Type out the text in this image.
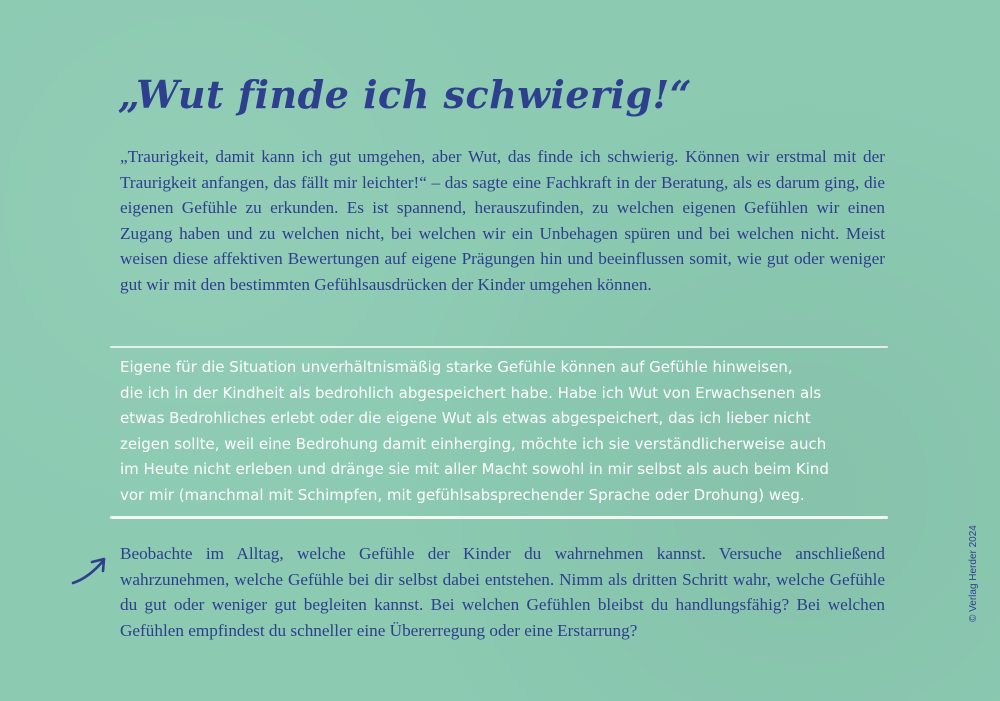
„Wut finde ich schwierig!“

„Traurigkeit, damit kann ich gut umgehen, aber Wut, das finde ich schwierig. Können wir erstmal mit der Traurigkeit anfangen, das fällt mir leichter!“ – das sagte eine Fachkraft in der Beratung, als es darum ging, die eigenen Gefühle zu erkunden. Es ist spannend, herauszufinden, zu welchen eigenen Gefühlen wir einen Zugang haben und zu welchen nicht, bei welchen wir ein Unbehagen spüren und bei welchen nicht. Meist weisen diese affektiven Bewertungen auf eigene Prägungen hin und beeinflussen somit, wie gut oder weniger gut wir mit den bestimmten Gefühlsausdrücken der Kinder umgehen können.

Eigene für die Situation unverhältnismäßig starke Gefühle können auf Gefühle hinweisen,
die ich in der Kindheit als bedrohlich abgespeichert habe. Habe ich Wut von Erwachsenen als
etwas Bedrohliches erlebt oder die eigene Wut als etwas abgespeichert, das ich lieber nicht
zeigen sollte, weil eine Bedrohung damit einherging, möchte ich sie verständlicherweise auch
im Heute nicht erleben und dränge sie mit aller Macht sowohl in mir selbst als auch beim Kind
vor mir (manchmal mit Schimpfen, mit gefühlsabsprechender Sprache oder Drohung) weg.

Beobachte im Alltag, welche Gefühle der Kinder du wahrnehmen kannst. Versuche anschließend wahrzunehmen, welche Gefühle bei dir selbst dabei entstehen. Nimm als dritten Schritt wahr, welche Gefühle du gut oder weniger gut begleiten kannst. Bei welchen Gefühlen bleibst du handlungsfähig? Bei welchen Gefühlen empfindest du schneller eine Übererregung oder eine Erstarrung?

© Verlag Herder 2024
